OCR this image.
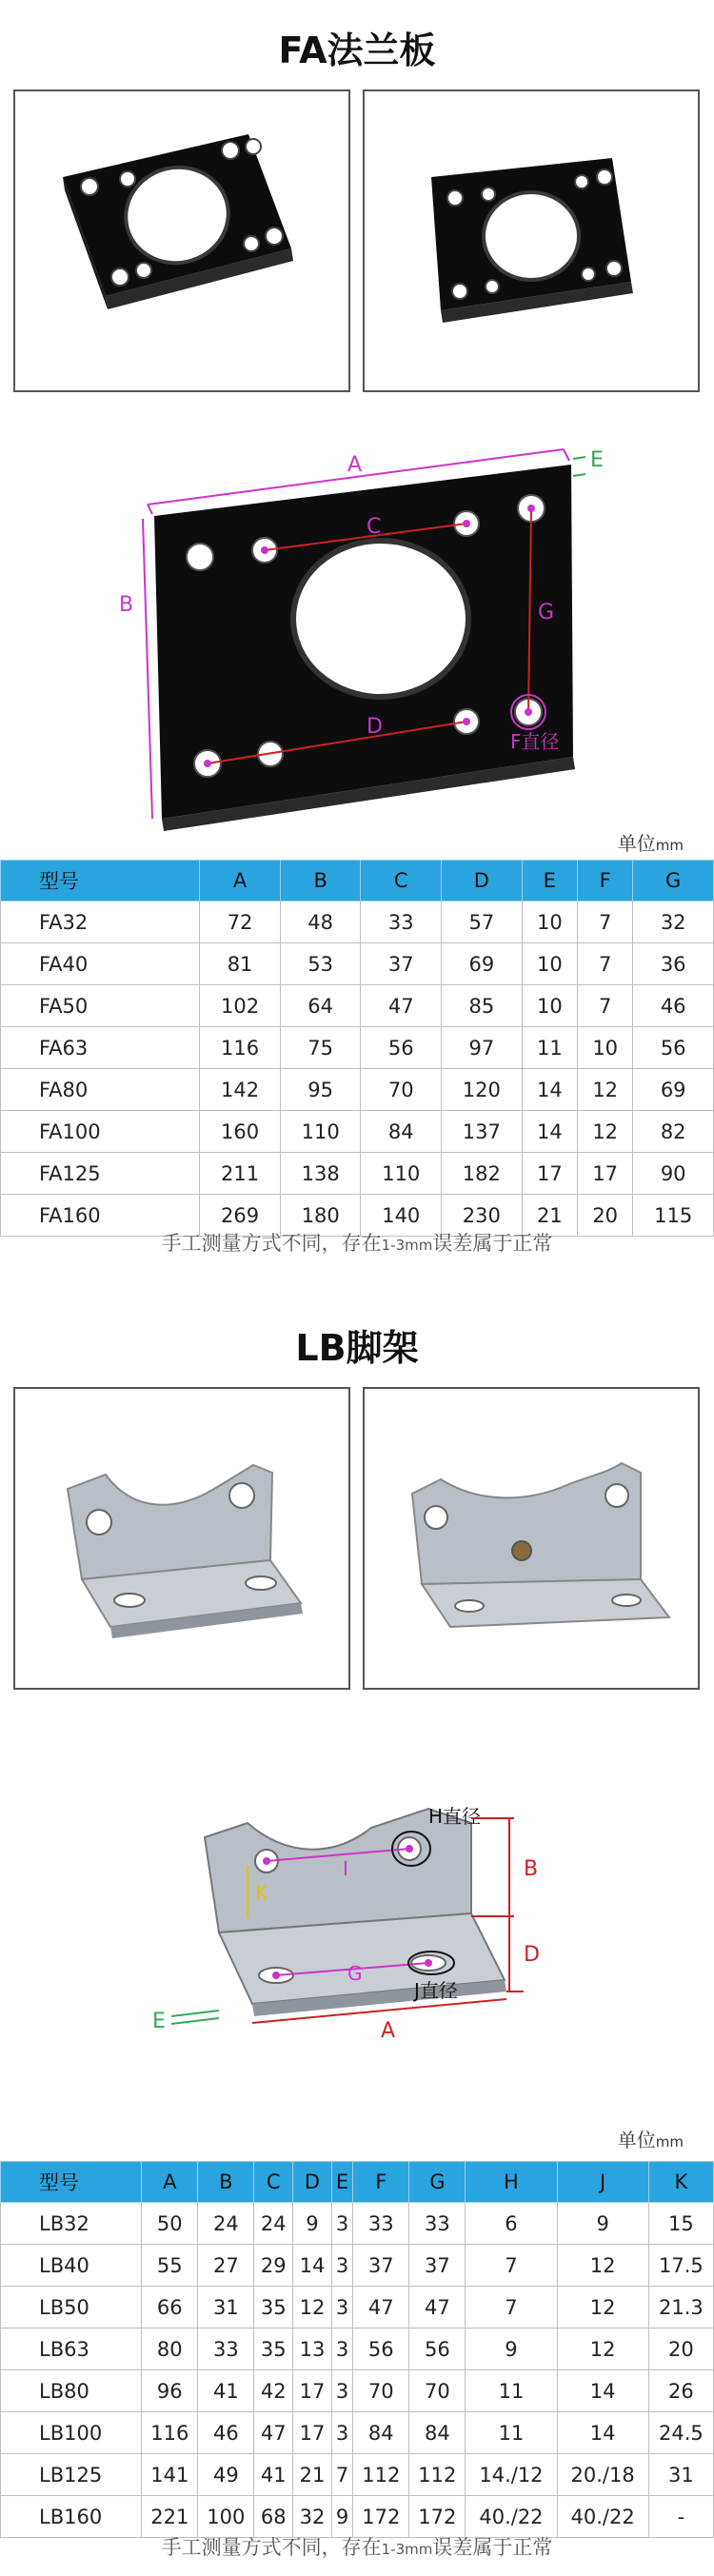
FA法兰板
A	E
B
C
D
G
F直径
单位mm
型号	A	B	C	D	E	F	G
FA32	72	48	33	57	10	7	32
FA40	81	53	37	69	10	7	36
FA50	102	64	47	85	10	7	46
FA63	116	75	56	97	11	10	56
FA80	142	95	70	120	14	12	69
FA100	160	110	84	137	14	12	82
FA125	211	138	110	182	17	17	90
FA160	269	180	140	230	21	20	115
手工测量方式不同，存在1-3mm误差属于正常
LB脚架
I
H直径
K
G
J直径
B
D
A
E
单位mm
型号	A	B	C	D	E	F	G	H	J	K
LB32	50	24	24	9	3	33	33	6	9	15
LB40	55	27	29	14	3	37	37	7	12	17.5
LB50	66	31	35	12	3	47	47	7	12	21.3
LB63	80	33	35	13	3	56	56	9	12	20
LB80	96	41	42	17	3	70	70	11	14	26
LB100	116	46	47	17	3	84	84	11	14	24.5
LB125	141	49	41	21	7	112	112	14./12	20./18	31
LB160	221	100	68	32	9	172	172	40./22	40./22	-
手工测量方式不同，存在1-3mm误差属于正常
